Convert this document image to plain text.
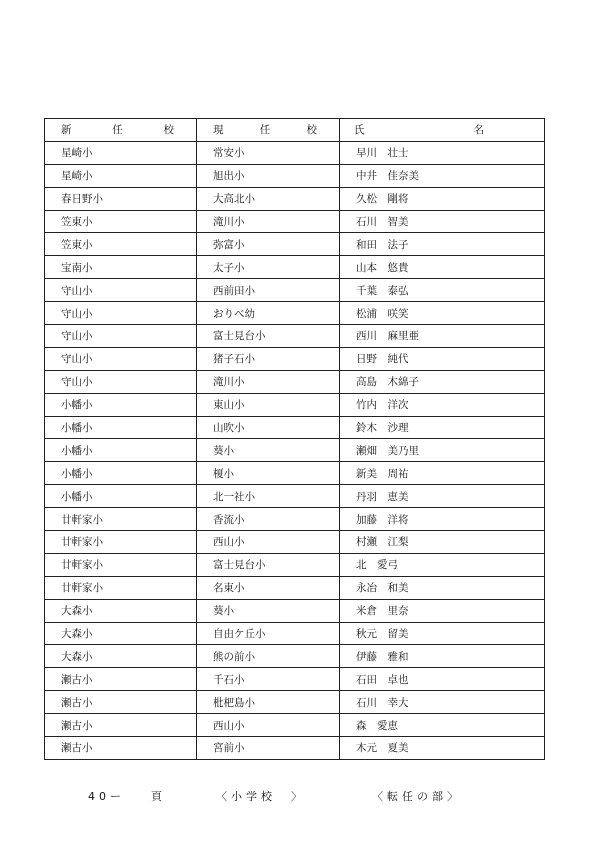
新 任 校	現 任 校	氏 名

星崎小	常安小	早川　壮士
星崎小	旭出小	中井　佳奈美
春日野小	大高北小	久松　剛将
笠東小	滝川小	石川　智美
笠東小	弥富小	和田　法子
宝南小	太子小	山本　悠貴
守山小	西前田小	千葉　泰弘
守山小	おりべ幼	松浦　咲笑
守山小	富士見台小	西川　麻里亜
守山小	猪子石小	日野　純代
守山小	滝川小	高島　木綿子
小幡小	東山小	竹内　洋次
小幡小	山吹小	鈴木　沙理
小幡小	葵小	瀬畑　美乃里
小幡小	榎小	新美　周祐
小幡小	北一社小	丹羽　恵美
廿軒家小	香流小	加藤　洋将
廿軒家小	西山小	村瀬　江梨
廿軒家小	富士見台小	北　愛弓
廿軒家小	名東小	永冶　和美
大森小	葵小	米倉　里奈
大森小	自由ケ丘小	秋元　留美
大森小	熊の前小	伊藤　雅和
瀬古小	千石小	石田　卓也
瀬古小	枇杷島小	石川　幸大
瀬古小	西山小	森　愛恵
瀬古小	宮前小	木元　夏美
40ー 頁	〈小学校　〉	〈転任の部〉
